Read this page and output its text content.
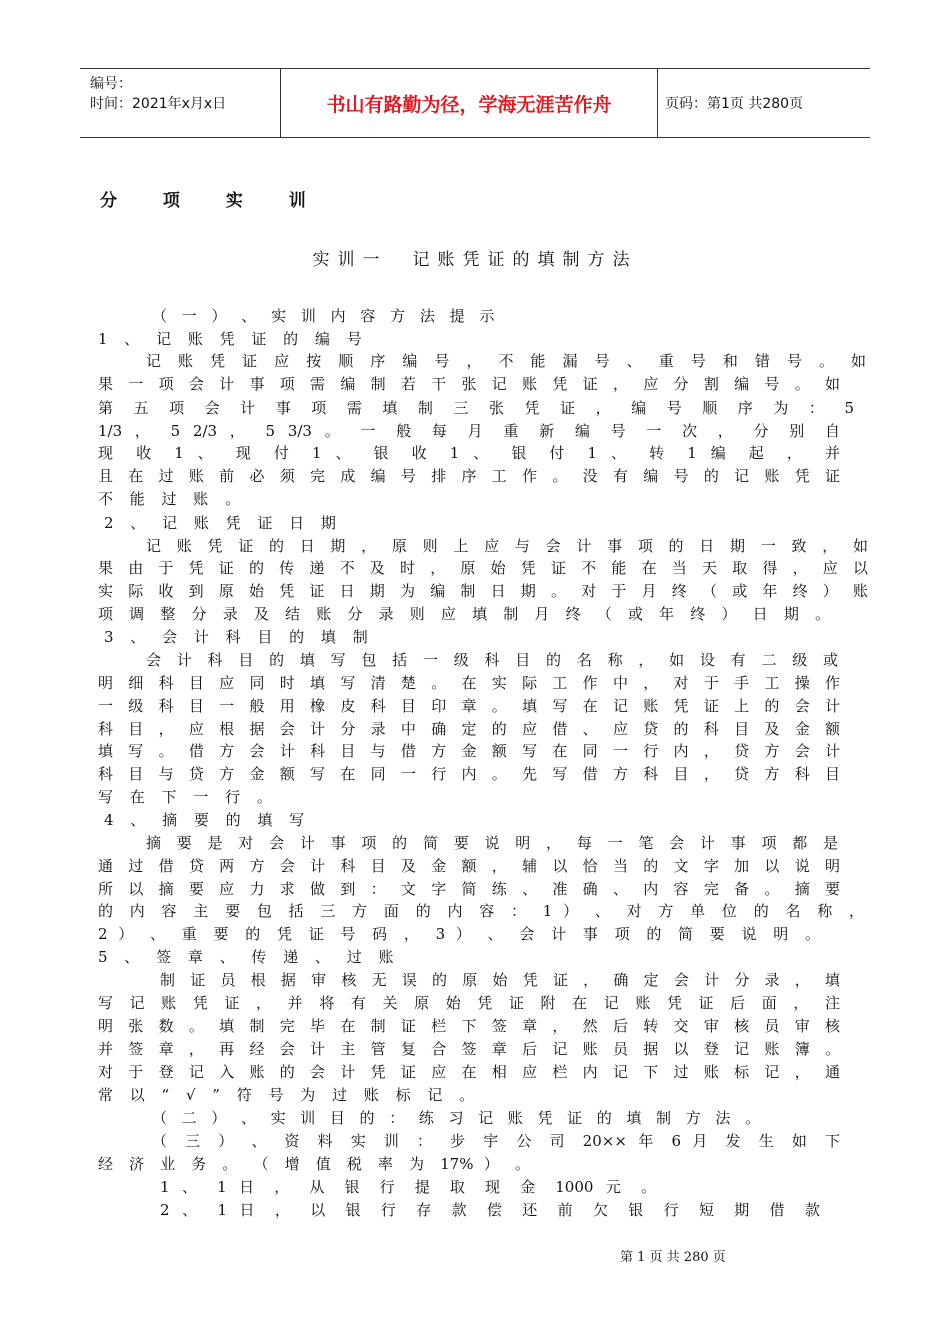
编号：
时间：2021年x月x日	书山有路勤为径，学海无涯苦作舟	页码：第1页 共280页
分 项 实 训
实训一　记账凭证的填制方法
（ 一 ） 、 实 训 内 容 方 法 提 示
1 、 记 账 凭 证 的 编 号
记 账 凭 证 应 按 顺 序 编 号 ， 不 能 漏 号 、 重 号 和 错 号 。 如
果 一 项 会 计 事 项 需 编 制 若 干 张 记 账 凭 证 ， 应 分 割 编 号 。 如
第 五 项 会 计 事 项 需 填 制 三 张 凭 证 ， 编 号 顺 序 为 ： 5
1/3 ， 5 2/3 ， 5 3/3 。 一 般 每 月 重 新 编 号 一 次 ， 分 别 自
现 收 1 、 现 付 1 、 银 收 1 、 银 付 1 、 转 1 编 起 ， 并
且 在 过 账 前 必 须 完 成 编 号 排 序 工 作 。 没 有 编 号 的 记 账 凭 证
不 能 过 账 。
2 、 记 账 凭 证 日 期
记 账 凭 证 的 日 期 ， 原 则 上 应 与 会 计 事 项 的 日 期 一 致 ， 如
果 由 于 凭 证 的 传 递 不 及 时 ， 原 始 凭 证 不 能 在 当 天 取 得 ， 应 以
实 际 收 到 原 始 凭 证 日 期 为 编 制 日 期 。 对 于 月 终 （ 或 年 终 ） 账
项 调 整 分 录 及 结 账 分 录 则 应 填 制 月 终 （ 或 年 终 ） 日 期 。
3 、 会 计 科 目 的 填 制
会 计 科 目 的 填 写 包 括 一 级 科 目 的 名 称 ， 如 设 有 二 级 或
明 细 科 目 应 同 时 填 写 清 楚 。 在 实 际 工 作 中 ， 对 于 手 工 操 作
一 级 科 目 一 般 用 橡 皮 科 目 印 章 。 填 写 在 记 账 凭 证 上 的 会 计
科 目 ， 应 根 据 会 计 分 录 中 确 定 的 应 借 、 应 贷 的 科 目 及 金 额
填 写 。 借 方 会 计 科 目 与 借 方 金 额 写 在 同 一 行 内 ， 贷 方 会 计
科 目 与 贷 方 金 额 写 在 同 一 行 内 。 先 写 借 方 科 目 ， 贷 方 科 目
写 在 下 一 行 。
4 、 摘 要 的 填 写
摘 要 是 对 会 计 事 项 的 简 要 说 明 ， 每 一 笔 会 计 事 项 都 是
通 过 借 贷 两 方 会 计 科 目 及 金 额 ， 辅 以 恰 当 的 文 字 加 以 说 明
所 以 摘 要 应 力 求 做 到 ： 文 字 简 练 、 准 确 、 内 容 完 备 。 摘 要
的 内 容 主 要 包 括 三 方 面 的 内 容 ： 1 ） 、 对 方 单 位 的 名 称 ，
2 ） 、 重 要 的 凭 证 号 码 ， 3 ） 、 会 计 事 项 的 简 要 说 明 。
5 、 签 章 、 传 递 、 过 账
制 证 员 根 据 审 核 无 误 的 原 始 凭 证 ， 确 定 会 计 分 录 ， 填
写 记 账 凭 证 ， 并 将 有 关 原 始 凭 证 附 在 记 账 凭 证 后 面 ， 注
明 张 数 。 填 制 完 毕 在 制 证 栏 下 签 章 ， 然 后 转 交 审 核 员 审 核
并 签 章 ， 再 经 会 计 主 管 复 合 签 章 后 记 账 员 据 以 登 记 账 簿 。
对 于 登 记 入 账 的 会 计 凭 证 应 在 相 应 栏 内 记 下 过 账 标 记 ， 通
常 以 “ √ ” 符 号 为 过 账 标 记 。
（ 二 ） 、 实 训 目 的 ： 练 习 记 账 凭 证 的 填 制 方 法 。
（ 三 ） 、 资 料 实 训 ： 步 宇 公 司 20×× 年 6 月 发 生 如 下
经 济 业 务 。 （ 增 值 税 率 为 17% ） 。
1 、 1 日 ， 从 银 行 提 取 现 金 1000 元 。
2 、 1 日 ， 以 银 行 存 款 偿 还 前 欠 银 行 短 期 借 款
第 1 页 共 280 页
